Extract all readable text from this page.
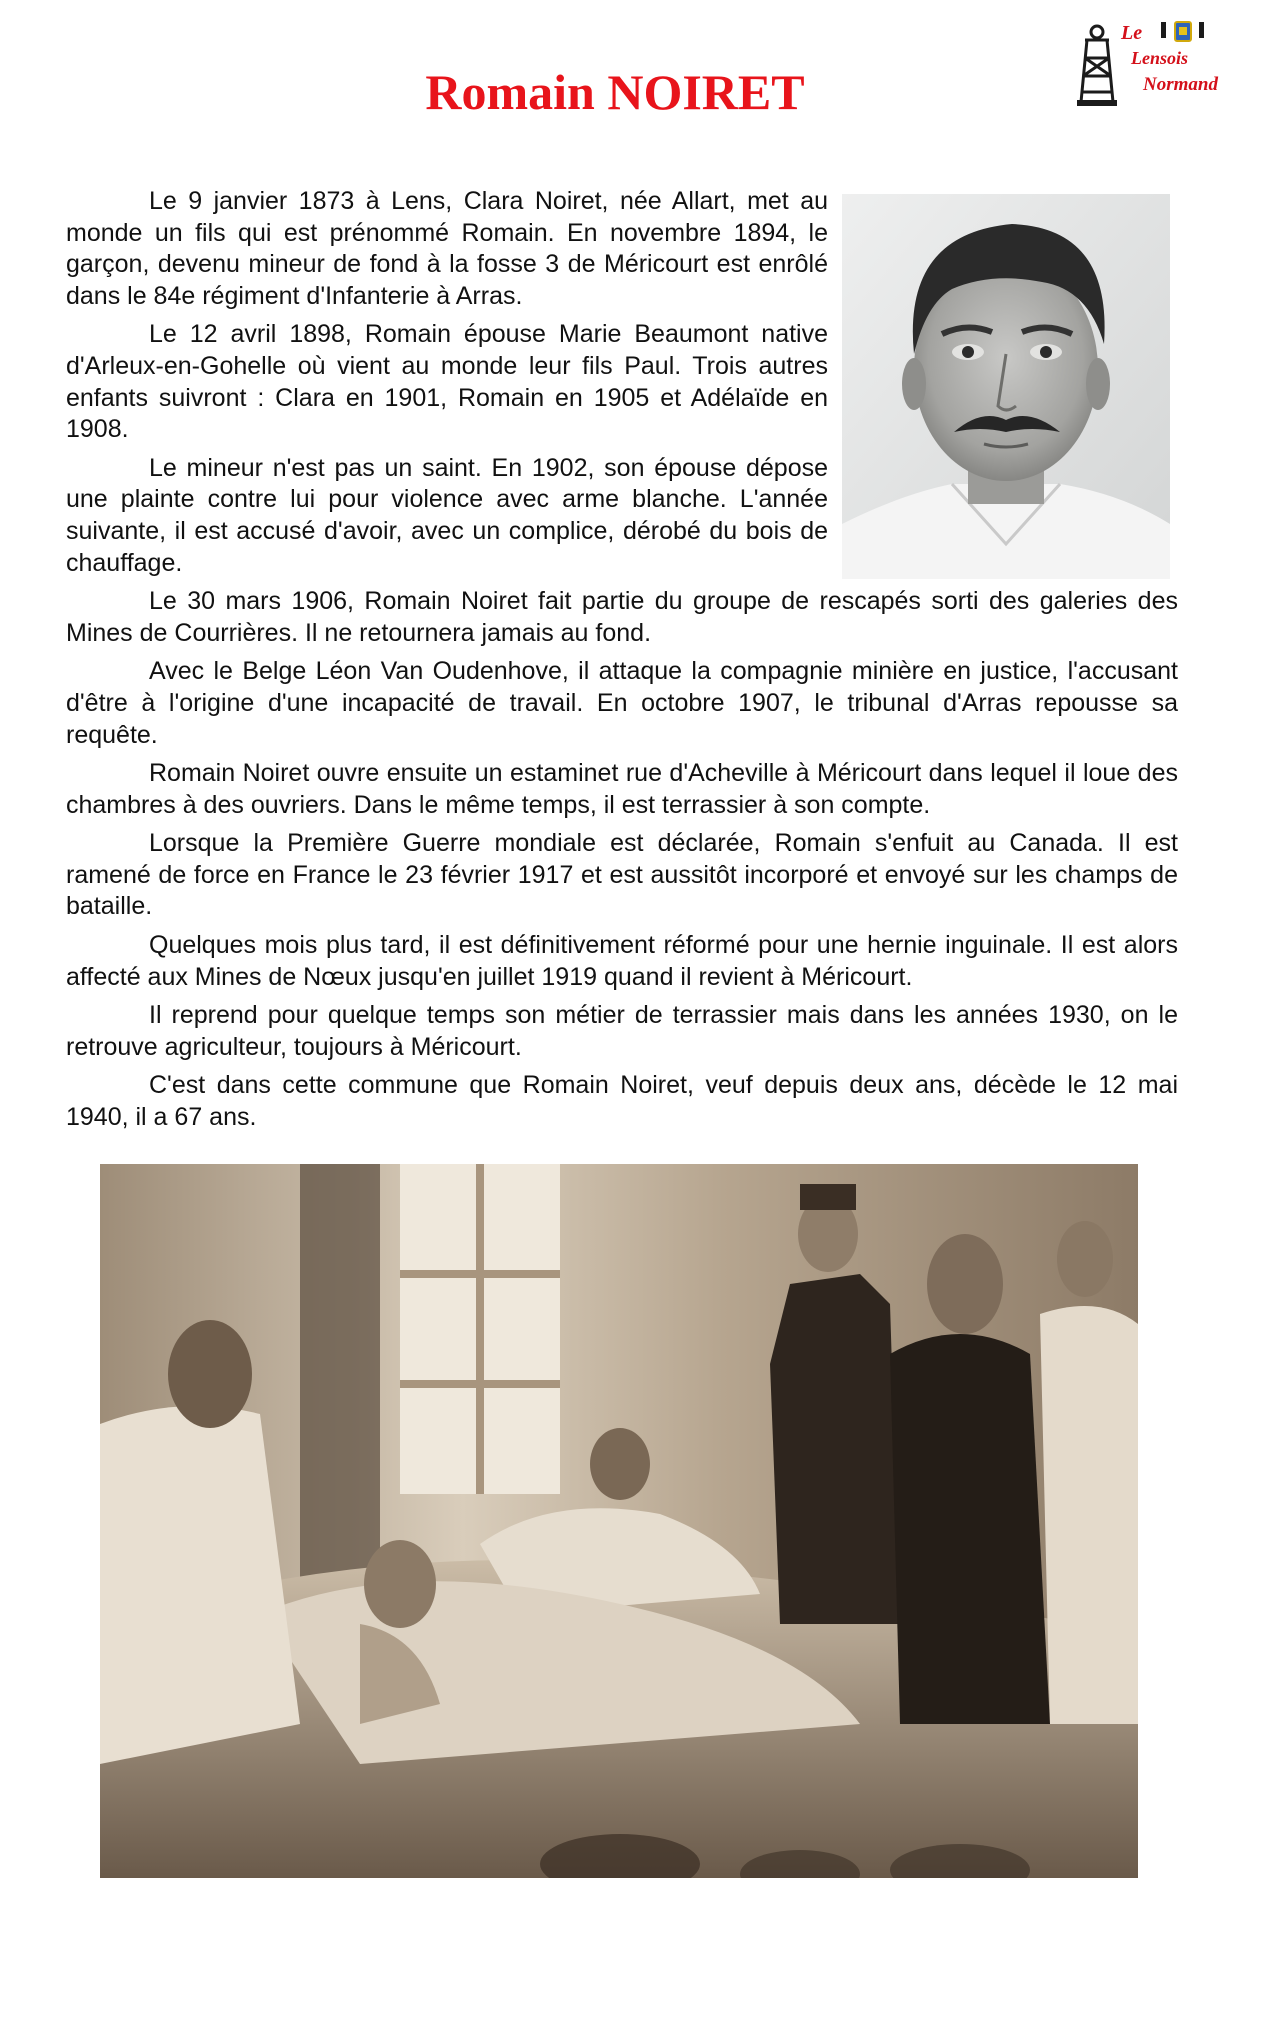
Romain NOIRET
Le
Lensois
Normand

Le 9 janvier 1873 à Lens, Clara Noiret, née Allart, met au monde un fils qui est prénommé Romain. En novembre 1894, le garçon, devenu mineur de fond à la fosse 3 de Méricourt est enrôlé dans le 84e régiment d'Infanterie à Arras.

Le 12 avril 1898, Romain épouse Marie Beaumont native d'Arleux-en-Gohelle où vient au monde leur fils Paul. Trois autres enfants suivront : Clara en 1901, Romain en 1905 et Adélaïde en 1908.

Le mineur n'est pas un saint. En 1902, son épouse dépose une plainte contre lui pour violence avec arme blanche. L'année suivante, il est accusé d'avoir, avec un complice, dérobé du bois de chauffage.

Le 30 mars 1906, Romain Noiret fait partie du groupe de rescapés sorti des galeries des Mines de Courrières. Il ne retournera jamais au fond.

Avec le Belge Léon Van Oudenhove, il attaque la compagnie minière en justice, l'accusant d'être à l'origine d'une incapacité de travail. En octobre 1907, le tribunal d'Arras repousse sa requête.

Romain Noiret ouvre ensuite un estaminet rue d'Acheville à Méricourt dans lequel il loue des chambres à des ouvriers. Dans le même temps, il est terrassier à son compte.

Lorsque la Première Guerre mondiale est déclarée, Romain s'enfuit au Canada. Il est ramené de force en France le 23 février 1917 et est aussitôt incorporé et envoyé sur les champs de bataille.

Quelques mois plus tard, il est définitivement réformé pour une hernie inguinale. Il est alors affecté aux Mines de Nœux jusqu'en juillet 1919 quand il revient à Méricourt.

Il reprend pour quelque temps son métier de terrassier mais dans les années 1930, on le retrouve agriculteur, toujours à Méricourt.

C'est dans cette commune que Romain Noiret, veuf depuis deux ans, décède le 12 mai 1940, il a 67 ans.
